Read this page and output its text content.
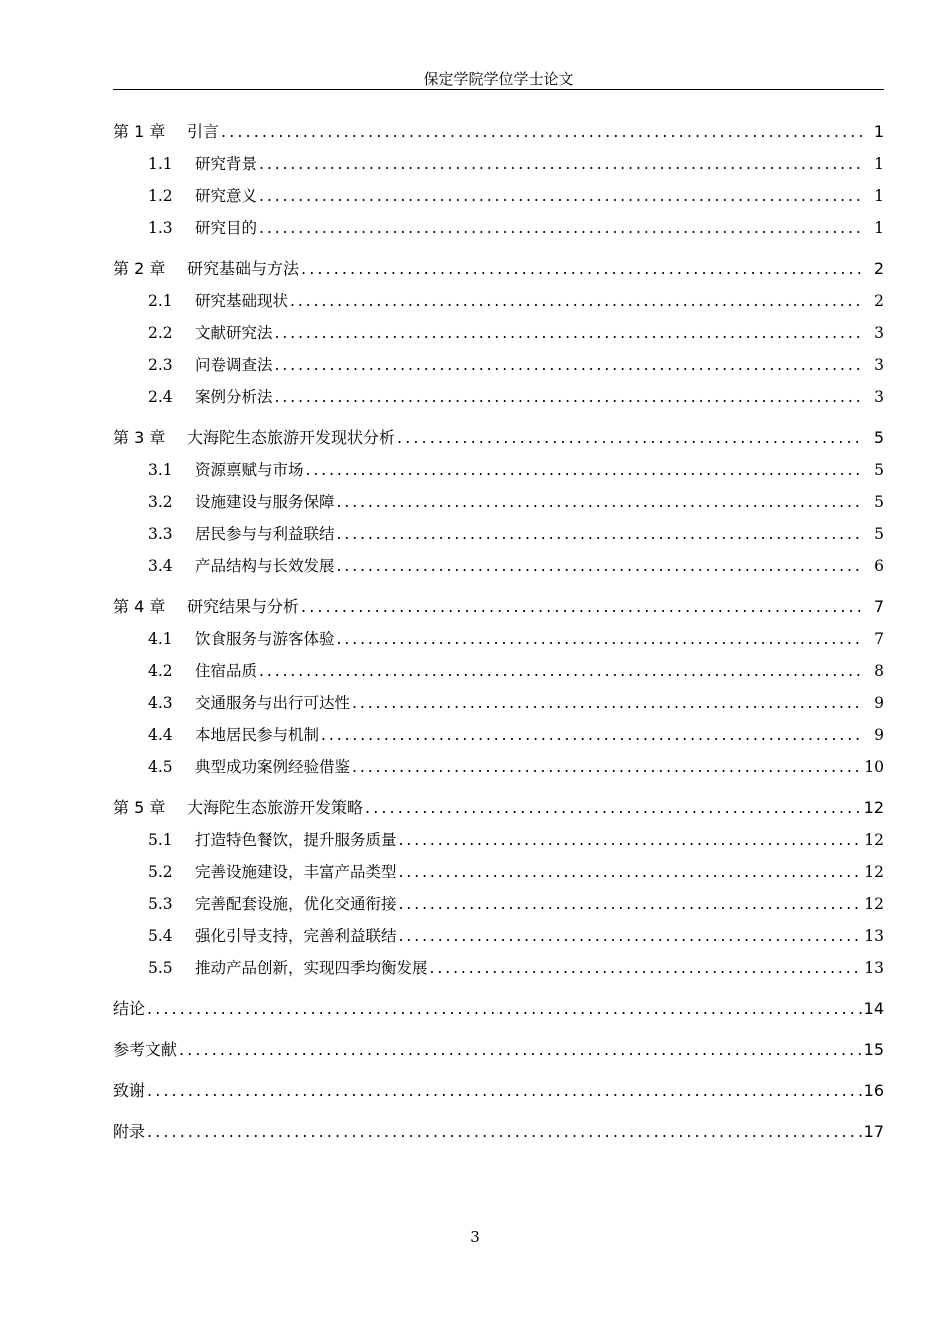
保定学院学位学士论文
第 1 章	引言 . . .	1
1.1	研究背景 . . .	1
1.2	研究意义 . . .	1
1.3	研究目的 . . .	1
第 2 章	研究基础与方法 . . .	2
2.1	研究基础现状 . . .	2
2.2	文献研究法 . . .	3
2.3	问卷调查法 . . .	3
2.4	案例分析法 . . .	3
第 3 章	大海陀生态旅游开发现状分析 . . .	5
3.1	资源禀赋与市场 . . .	5
3.2	设施建设与服务保障 . . .	5
3.3	居民参与与利益联结 . . .	5
3.4	产品结构与长效发展 . . .	6
第 4 章	研究结果与分析 . . .	7
4.1	饮食服务与游客体验 . . .	7
4.2	住宿品质 . . .	8
4.3	交通服务与出行可达性 . . .	9
4.4	本地居民参与机制 . . .	9
4.5	典型成功案例经验借鉴 . . .	10
第 5 章	大海陀生态旅游开发策略 . . .	12
5.1	打造特色餐饮，提升服务质量 . . .	12
5.2	完善设施建设，丰富产品类型 . . .	12
5.3	完善配套设施，优化交通衔接 . . .	12
5.4	强化引导支持，完善利益联结 . . .	13
5.5	推动产品创新，实现四季均衡发展 . . .	13
结论 . . .	14
参考文献 . . .	15
致谢 . . .	16
附录 . . .	17
3
